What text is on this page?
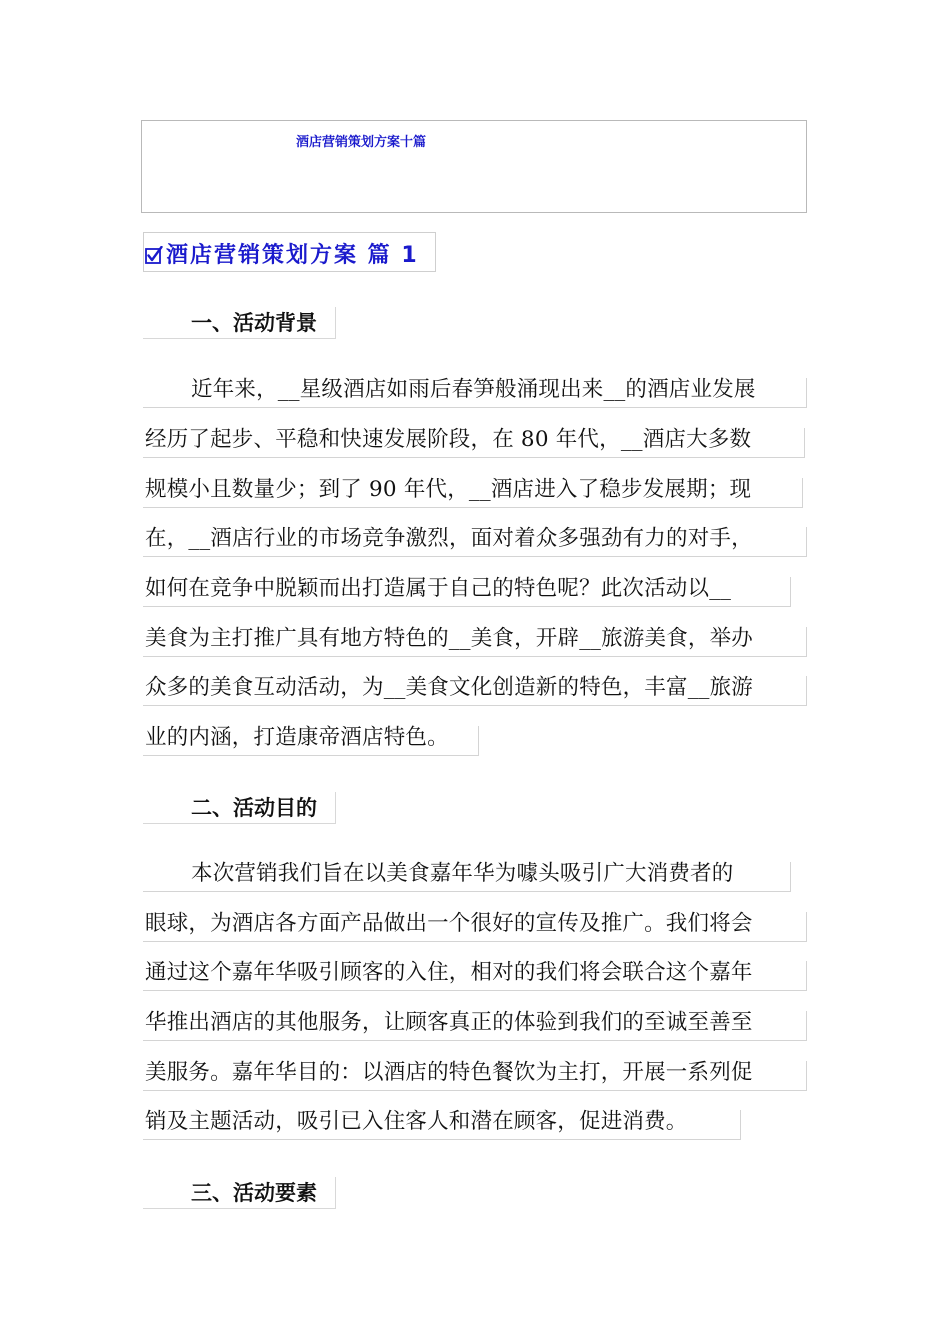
酒店营销策划方案十篇
酒店营销策划方案 篇 1
一、活动背景
近年来，__星级酒店如雨后春笋般涌现出来__的酒店业发展
经历了起步、平稳和快速发展阶段，在 80 年代，__酒店大多数
规模小且数量少；到了 90 年代，__酒店进入了稳步发展期；现
在，__酒店行业的市场竞争激烈，面对着众多强劲有力的对手，
如何在竞争中脱颖而出打造属于自己的特色呢？此次活动以__
美食为主打推广具有地方特色的__美食，开辟__旅游美食，举办
众多的美食互动活动，为__美食文化创造新的特色，丰富__旅游
业的内涵，打造康帝酒店特色。
二、活动目的
本次营销我们旨在以美食嘉年华为噱头吸引广大消费者的
眼球，为酒店各方面产品做出一个很好的宣传及推广。我们将会
通过这个嘉年华吸引顾客的入住，相对的我们将会联合这个嘉年
华推出酒店的其他服务，让顾客真正的体验到我们的至诚至善至
美服务。嘉年华目的：以酒店的特色餐饮为主打，开展一系列促
销及主题活动，吸引已入住客人和潜在顾客，促进消费。
三、活动要素
